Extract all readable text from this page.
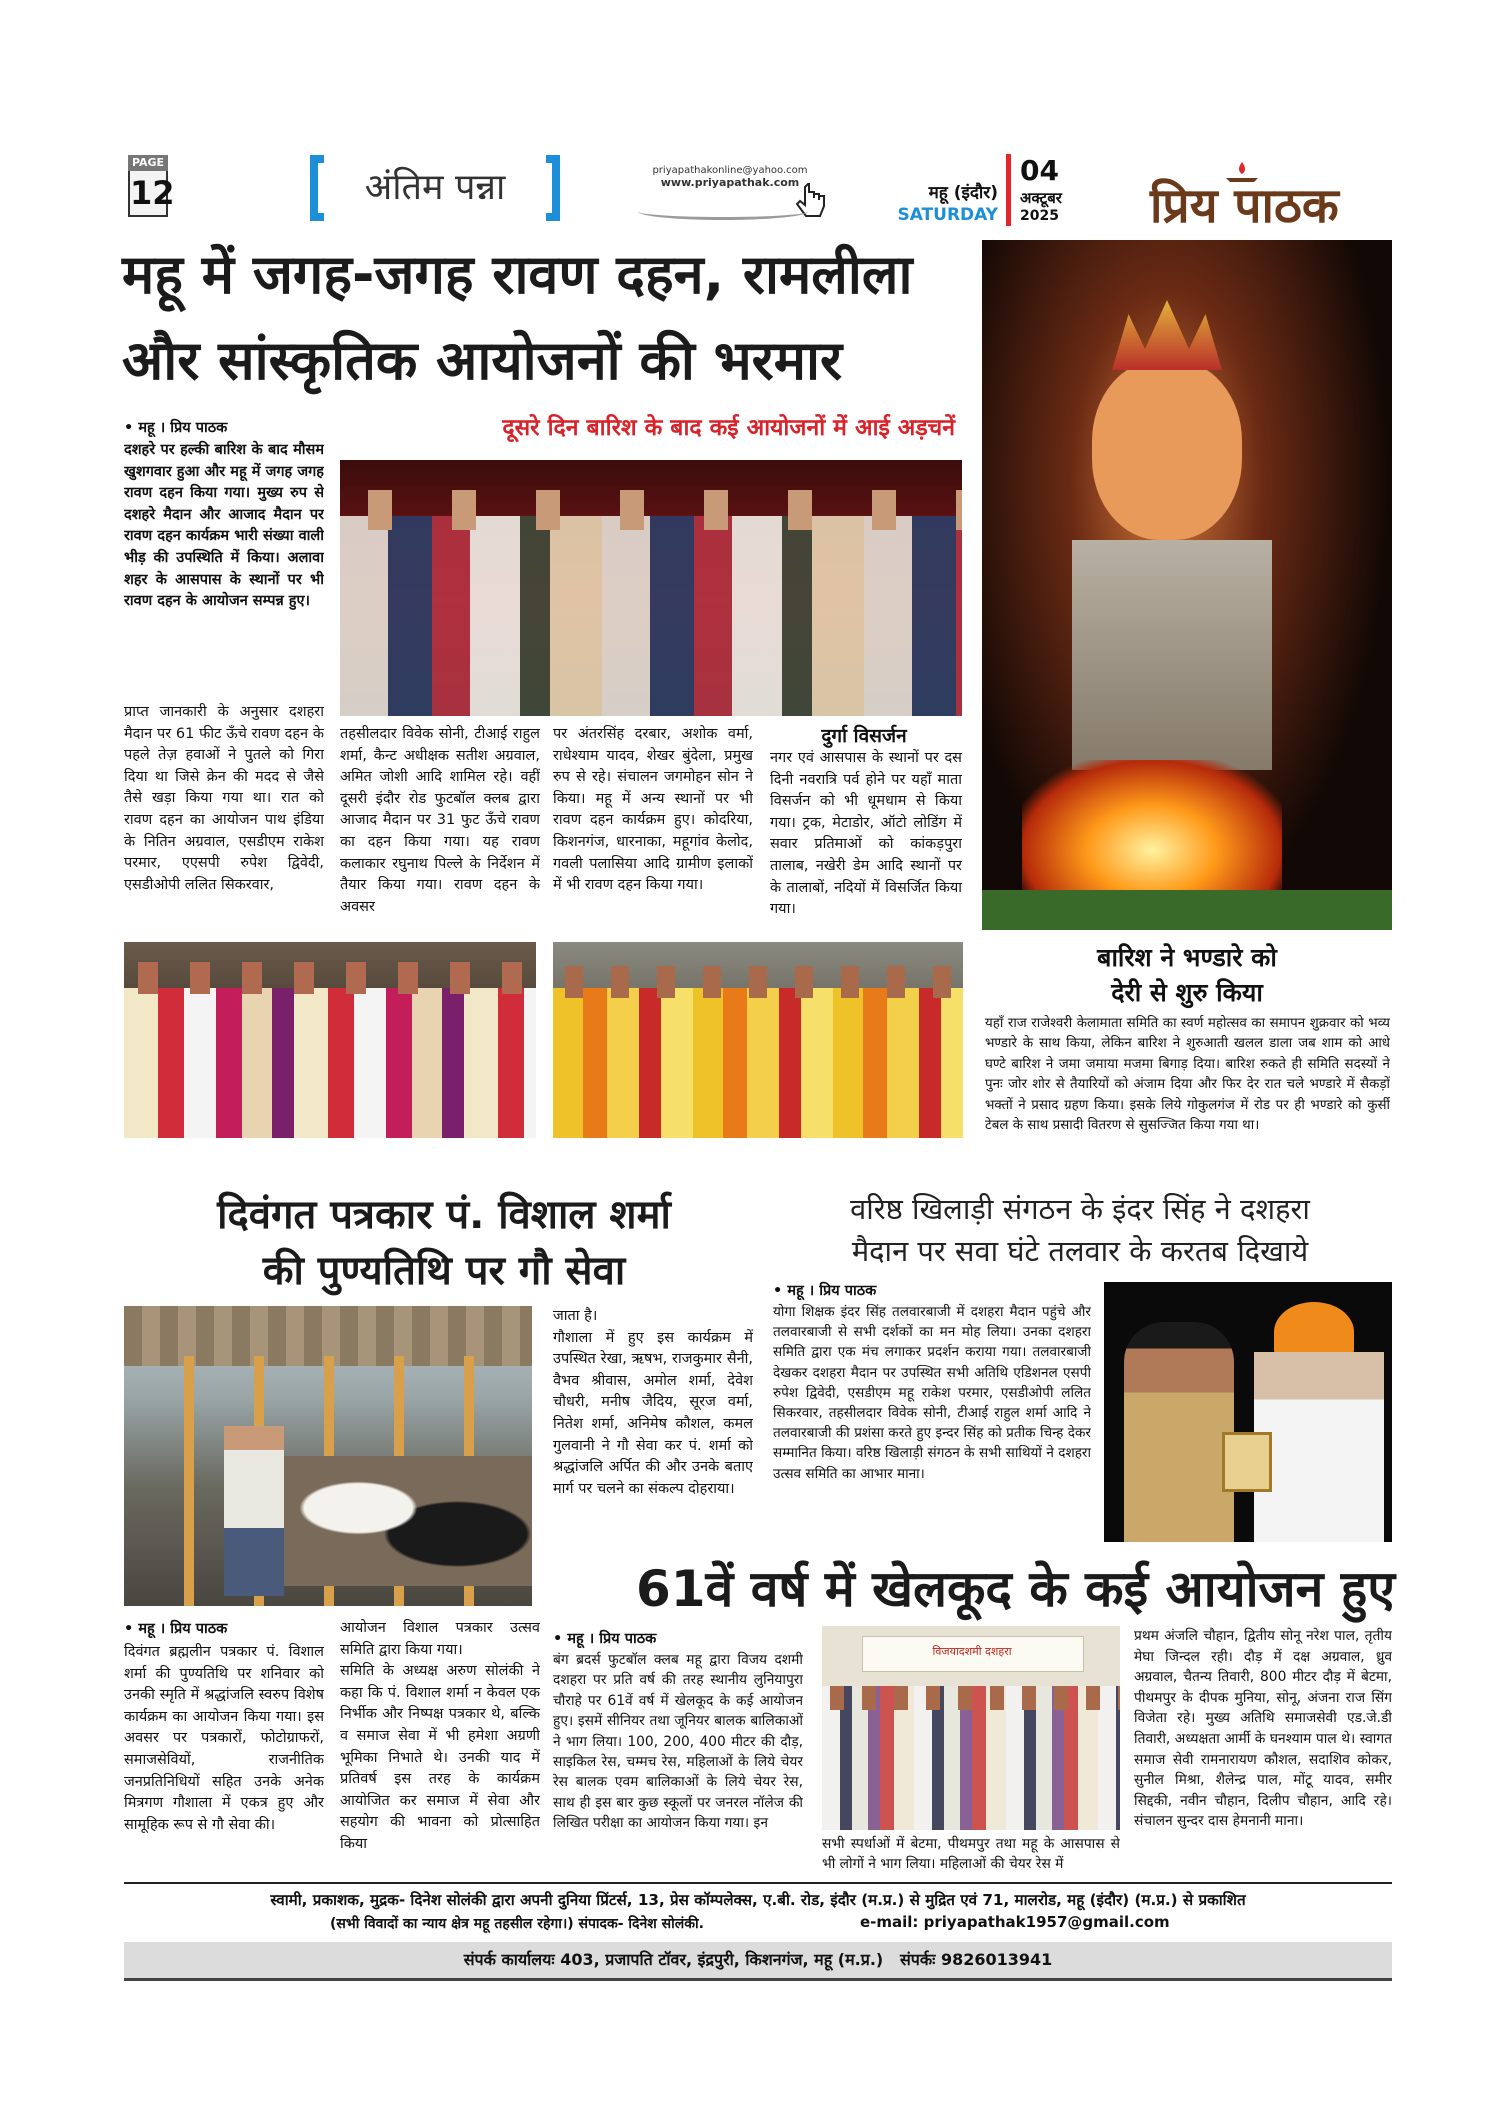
PAGE
12	अंतिम पन्ना	priyapathakonline@yahoo.com
www.priyapathak.com
महू (इंदौर)
SATURDAY
04
अक्टूबर
2025 प्रिय पाठक
महू में जगह-जगह रावण दहन, रामलीला
और सांस्कृतिक आयोजनों की भरमार
दूसरे दिन बारिश के बाद कई आयोजनों में आई अड़चनें
• महू । प्रिय पाठक
दशहरे पर हल्की बारिश के बाद मौसम खुशगवार हुआ और महू में जगह जगह रावण दहन किया गया। मुख्य रुप से दशहरे मैदान और आजाद मैदान पर रावण दहन कार्यक्रम भारी संख्या वाली भीड़ की उपस्थिति में किया। अलावा शहर के आसपास के स्थानों पर भी रावण दहन के आयोजन सम्पन्न हुए।
प्राप्त जानकारी के अनुसार दशहरा मैदान पर 61 फीट ऊँचे रावण दहन के पहले तेज़ हवाओं ने पुतले को गिरा दिया था जिसे क्रेन की मदद से जैसे तैसे खड़ा किया गया था। रात को रावण दहन का आयोजन पाथ इंडिया के नितिन अग्रवाल, एसडीएम राकेश परमार, एएसपी रुपेश द्विवेदी, एसडीओपी ललित सिकरवार,
तहसीलदार विवेक सोनी, टीआई राहुल शर्मा, कैन्ट अधीक्षक सतीश अग्रवाल, अमित जोशी आदि शामिल रहे। वहीं दूसरी इंदौर रोड फुटबॉल क्लब द्वारा आजाद मैदान पर 31 फुट ऊँचे रावण का दहन किया गया। यह रावण कलाकार रघुनाथ पिल्ले के निर्देशन में तैयार किया गया। रावण दहन के अवसर
पर अंतरसिंह दरबार, अशोक वर्मा, राधेश्याम यादव, शेखर बुंदेला, प्रमुख रुप से रहे। संचालन जगमोहन सोन ने किया। महू में अन्य स्थानों पर भी रावण दहन कार्यक्रम हुए। कोदरिया, किशनगंज, धारनाका, महूगांव केलोद, गवली पलासिया आदि ग्रामीण इलाकों में भी रावण दहन किया गया।
दुर्गा विसर्जन
नगर एवं आसपास के स्थानों पर दस दिनी नवरात्रि पर्व होने पर यहाँ माता विसर्जन को भी धूमधाम से किया गया। ट्रक, मेटाडोर, ऑटो लोडिंग में सवार प्रतिमाओं को कांकड़पुरा तालाब, नखेरी डेम आदि स्थानों पर के तालाबों, नदियों में विसर्जित किया गया।
बारिश ने भण्डारे को
देरी से शुरु किया
यहाँ राज राजेश्वरी केलामाता समिति का स्वर्ण महोत्सव का समापन शुक्रवार को भव्य भण्डारे के साथ किया, लेकिन बारिश ने शुरुआती खलल डाला जब शाम को आधे घण्टे बारिश ने जमा जमाया मजमा बिगाड़ दिया। बारिश रुकते ही समिति सदस्यों ने पुनः जोर शोर से तैयारियों को अंजाम दिया और फिर देर रात चले भण्डारे में सैकड़ों भक्तों ने प्रसाद ग्रहण किया। इसके लिये गोकुलगंज में रोड पर ही भण्डारे को कुर्सी टेबल के साथ प्रसादी वितरण से सुसज्जित किया गया था।
दिवंगत पत्रकार पं. विशाल शर्मा
की पुण्यतिथि पर गौ सेवा
जाता है।
गौशाला में हुए इस कार्यक्रम में उपस्थित रेखा, ऋषभ, राजकुमार सैनी, वैभव श्रीवास, अमोल शर्मा, देवेश चौधरी, मनीष जैदिय, सूरज वर्मा, नितेश शर्मा, अनिमेष कौशल, कमल गुलवानी ने गौ सेवा कर पं. शर्मा को श्रद्धांजलि अर्पित की और उनके बताए मार्ग पर चलने का संकल्प दोहराया।
• महू । प्रिय पाठक
दिवंगत ब्रह्मलीन पत्रकार पं. विशाल शर्मा की पुण्यतिथि पर शनिवार को उनकी स्मृति में श्रद्धांजलि स्वरुप विशेष कार्यक्रम का आयोजन किया गया। इस अवसर पर पत्रकारों, फोटोग्राफरों, समाजसेवियों, राजनीतिक जनप्रतिनिधियों सहित उनके अनेक मित्रगण गौशाला में एकत्र हुए और सामूहिक रूप से गौ सेवा की।
आयोजन विशाल पत्रकार उत्सव समिति द्वारा किया गया।
समिति के अध्यक्ष अरुण सोलंकी ने कहा कि पं. विशाल शर्मा न केवल एक निर्भीक और निष्पक्ष पत्रकार थे, बल्कि व समाज सेवा में भी हमेशा अग्रणी भूमिका निभाते थे। उनकी याद में प्रतिवर्ष इस तरह के कार्यक्रम आयोजित कर समाज में सेवा और सहयोग की भावना को प्रोत्साहित किया
वरिष्ठ खिलाड़ी संगठन के इंदर सिंह ने दशहरा
मैदान पर सवा घंटे तलवार के करतब दिखाये
• महू । प्रिय पाठक
योगा शिक्षक इंदर सिंह तलवारबाजी में दशहरा मैदान पहुंचे और तलवारबाजी से सभी दर्शकों का मन मोह लिया। उनका दशहरा समिति द्वारा एक मंच लगाकर प्रदर्शन कराया गया। तलवारबाजी देखकर दशहरा मैदान पर उपस्थित सभी अतिथि एडिशनल एसपी रुपेश द्विवेदी, एसडीएम महू राकेश परमार, एसडीओपी ललित सिकरवार, तहसीलदार विवेक सोनी, टीआई राहुल शर्मा आदि ने तलवारबाजी की प्रशंसा करते हुए इन्दर सिंह को प्रतीक चिन्ह देकर सम्मानित किया। वरिष्ठ खिलाड़ी संगठन के सभी साथियों ने दशहरा उत्सव समिति का आभार माना।
61वें वर्ष में खेलकूद के कई आयोजन हुए
• महू । प्रिय पाठक
बंग ब्रदर्स फुटबॉल क्लब महू द्वारा विजय दशमी दशहरा पर प्रति वर्ष की तरह स्थानीय लुनियापुरा चौराहे पर 61वें वर्ष में खेलकूद के कई आयोजन हुए। इसमें सीनियर तथा जूनियर बालक बालिकाओं ने भाग लिया। 100, 200, 400 मीटर की दौड़, साइकिल रेस, चम्मच रेस, महिलाओं के लिये चेयर रेस बालक एवम बालिकाओं के लिये चेयर रेस, साथ ही इस बार कुछ स्कूलों पर जनरल नॉलेज की लिखित परीक्षा का आयोजन किया गया। इन
विजयादशमी दशहरा
सभी स्पर्धाओं में बेटमा, पीथमपुर तथा महू के आसपास से भी लोगों ने भाग लिया। महिलाओं की चेयर रेस में
प्रथम अंजलि चौहान, द्वितीय सोनू नरेश पाल, तृतीय मेघा जिन्दल रही। दौड़ में दक्ष अग्रवाल, ध्रुव अग्रवाल, चैतन्य तिवारी, 800 मीटर दौड़ में बेटमा, पीथमपुर के दीपक मुनिया, सोनू, अंजना राज सिंग विजेता रहे। मुख्य अतिथि समाजसेवी एड.जे.डी तिवारी, अध्यक्षता आर्मी के घनश्याम पाल थे। स्वागत समाज सेवी रामनारायण कौशल, सदाशिव कोकर, सुनील मिश्रा, शैलेन्द्र पाल, मोंटू यादव, समीर सिद्दकी, नवीन चौहान, दिलीप चौहान, आदि रहे। संचालन सुन्दर दास हेमनानी माना।
स्वामी, प्रकाशक, मुद्रक- दिनेश सोलंकी द्वारा अपनी दुनिया प्रिंटर्स, 13, प्रेस कॉम्पलेक्स, ए.बी. रोड, इंदौर (म.प्र.) से मुद्रित एवं 71, मालरोड, महू (इंदौर) (म.प्र.) से प्रकाशित
(सभी विवादों का न्याय क्षेत्र महू तहसील रहेगा।) संपादक- दिनेश सोलंकी.	e-mail: priyapathak1957@gmail.com
संपर्क कार्यालयः 403, प्रजापति टॉवर, इंद्रपुरी, किशनगंज, महू (म.प्र.) संपर्कः 9826013941
